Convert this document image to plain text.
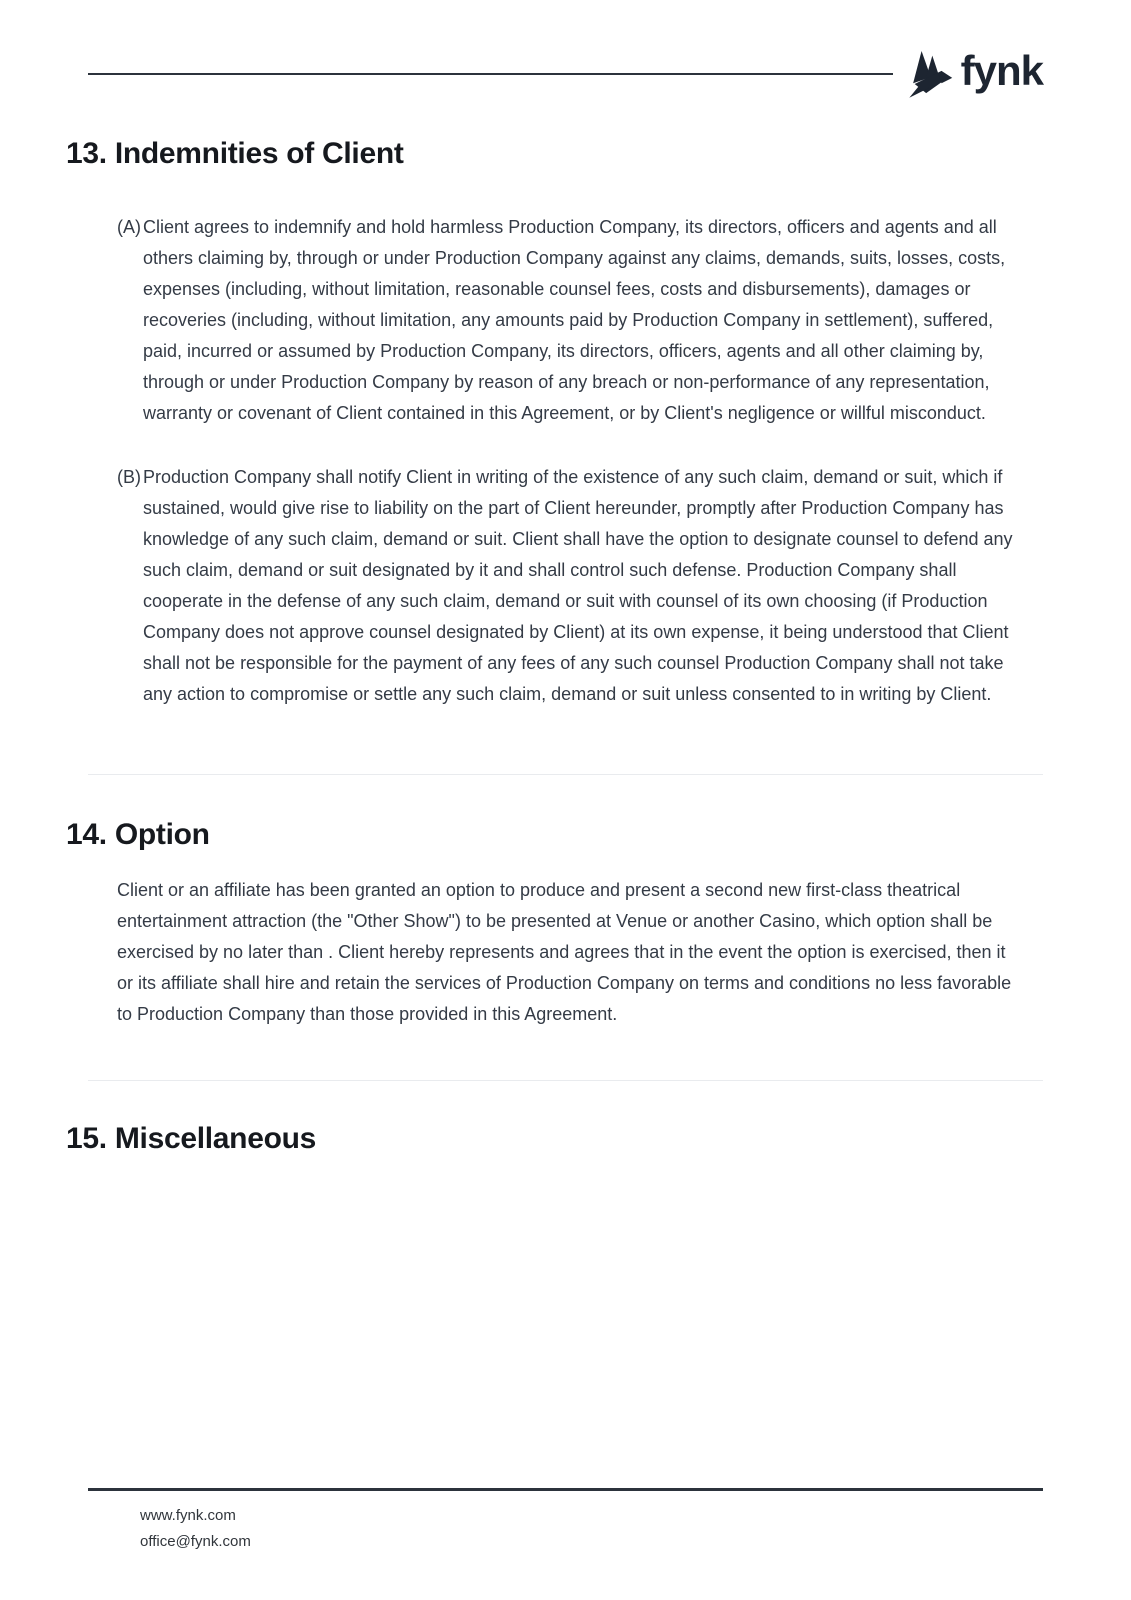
fynk
13. Indemnities of Client
(A) Client agrees to indemnify and hold harmless Production Company, its directors, officers and agents and all others claiming by, through or under Production Company against any claims, demands, suits, losses, costs, expenses (including, without limitation, reasonable counsel fees, costs and disbursements), damages or recoveries (including, without limitation, any amounts paid by Production Company in settlement), suffered, paid, incurred or assumed by Production Company, its directors, officers, agents and all other claiming by, through or under Production Company by reason of any breach or non-performance of any representation, warranty or covenant of Client contained in this Agreement, or by Client's negligence or willful misconduct.
(B) Production Company shall notify Client in writing of the existence of any such claim, demand or suit, which if sustained, would give rise to liability on the part of Client hereunder, promptly after Production Company has knowledge of any such claim, demand or suit. Client shall have the option to designate counsel to defend any such claim, demand or suit designated by it and shall control such defense. Production Company shall cooperate in the defense of any such claim, demand or suit with counsel of its own choosing (if Production Company does not approve counsel designated by Client) at its own expense, it being understood that Client shall not be responsible for the payment of any fees of any such counsel Production Company shall not take any action to compromise or settle any such claim, demand or suit unless consented to in writing by Client.
14. Option

Client or an affiliate has been granted an option to produce and present a second new first-class theatrical entertainment attraction (the "Other Show") to be presented at Venue or another Casino, which option shall be exercised by no later than . Client hereby represents and agrees that in the event the option is exercised, then it or its affiliate shall hire and retain the services of Production Company on terms and conditions no less favorable to Production Company than those provided in this Agreement.

15. Miscellaneous
www.fynk.com
office@fynk.com
